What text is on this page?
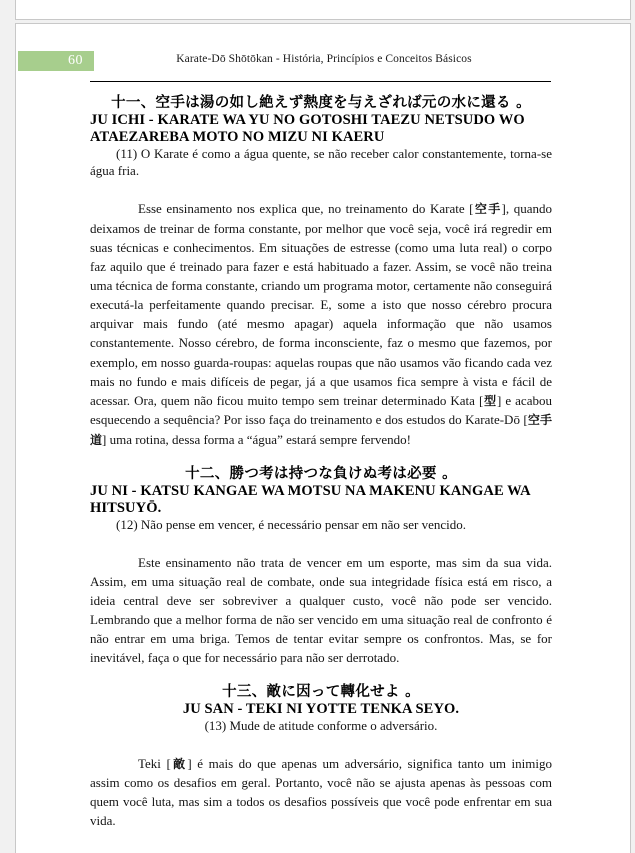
60	Karate-Dō Shōtōkan - História, Princípios e Conceitos Básicos

十一、空手は湯の如し絶えず熱度を与えざれば元の水に還る 。

JU ICHI - KARATE WA YU NO GOTOSHI TAEZU NETSUDO WO

ATAEZAREBA MOTO NO MIZU NI KAERU

(11) O Karate é como a água quente, se não receber calor constantemente, torna-se água fria.

Esse ensinamento nos explica que, no treinamento do Karate [空手], quando deixamos de treinar de forma constante, por melhor que você seja, você irá regredir em suas técnicas e conhecimentos. Em situações de estresse (como uma luta real) o corpo faz aquilo que é treinado para fazer e está habituado a fazer. Assim, se você não treina uma técnica de forma constante, criando um programa motor, certamente não conseguirá executá-la perfeitamente quando precisar. E, some a isto que nosso cérebro procura arquivar mais fundo (até mesmo apagar) aquela informação que não usamos constantemente. Nosso cérebro, de forma inconsciente, faz o mesmo que fazemos, por exemplo, em nosso guarda-roupas: aquelas roupas que não usamos vão ficando cada vez mais no fundo e mais difíceis de pegar, já a que usamos fica sempre à vista e fácil de acessar. Ora, quem não ficou muito tempo sem treinar determinado Kata [型] e acabou esquecendo a sequência? Por isso faça do treinamento e dos estudos do Karate-Dō [空手道] uma rotina, dessa forma a “água” estará sempre fervendo!

十二、勝つ考は持つな負けぬ考は必要 。

JU NI - KATSU KANGAE WA MOTSU NA MAKENU KANGAE WA

HITSUYŌ.

(12) Não pense em vencer, é necessário pensar em não ser vencido.

Este ensinamento não trata de vencer em um esporte, mas sim da sua vida. Assim, em uma situação real de combate, onde sua integridade física está em risco, a ideia central deve ser sobreviver a qualquer custo, você não pode ser vencido. Lembrando que a melhor forma de não ser vencido em uma situação real de confronto é não entrar em uma briga. Temos de tentar evitar sempre os confrontos. Mas, se for inevitável, faça o que for necessário para não ser derrotado.

十三、敵に因って轉化せよ 。

JU SAN - TEKI NI YOTTE TENKA SEYO.

(13) Mude de atitude conforme o adversário.

Teki [敵] é mais do que apenas um adversário, significa tanto um inimigo assim como os desafios em geral. Portanto, você não se ajusta apenas às pessoas com quem você luta, mas sim a todos os desafios possíveis que você pode enfrentar em sua vida.
